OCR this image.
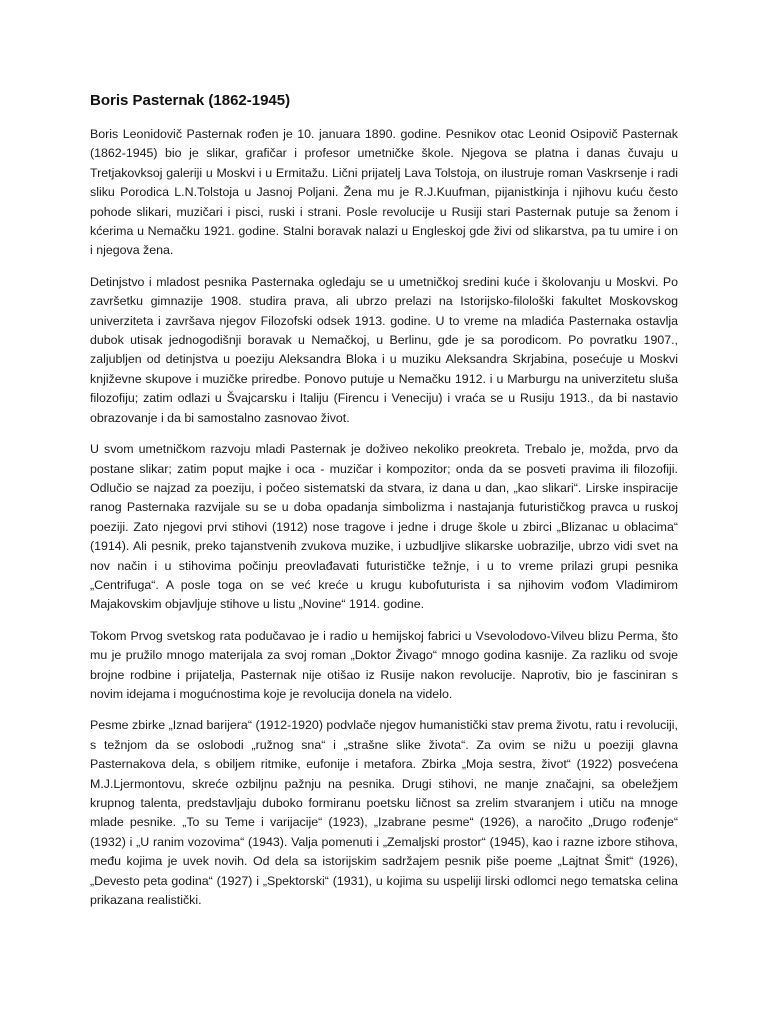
Boris Pasternak (1862-1945)

Boris Leonidovič Pasternak rođen je 10. januara 1890. godine. Pesnikov otac Leonid Osipovič Pasternak (1862-1945) bio je slikar, grafičar i profesor umetničke škole. Njegova se platna i danas čuvaju u Tretjakovksoj galeriji u Moskvi i u Ermitažu. Lični prijatelj Lava Tolstoja, on ilustruje roman Vaskrsenje i radi sliku Porodica L.N.Tolstoja u Jasnoj Poljani. Žena mu je R.J.Kuufman, pijanistkinja i njihovu kuću često pohode slikari, muzičari i pisci, ruski i strani. Posle revolucije u Rusiji stari Pasternak putuje sa ženom i kćerima u Nemačku 1921. godine. Stalni boravak nalazi u Engleskoj gde živi od slikarstva, pa tu umire i on i njegova žena.

Detinjstvo i mladost pesnika Pasternaka ogledaju se u umetničkoj sredini kuće i školovanju u Moskvi. Po završetku gimnazije 1908. studira prava, ali ubrzo prelazi na Istorijsko-filološki fakultet Moskovskog univerziteta i završava njegov Filozofski odsek 1913. godine. U to vreme na mladića Pasternaka ostavlja dubok utisak jednogodišnji boravak u Nemačkoj, u Berlinu, gde je sa porodicom. Po povratku 1907., zaljubljen od detinjstva u poeziju Aleksandra Bloka i u muziku Aleksandra Skrjabina, posećuje u Moskvi književne skupove i muzičke priredbe. Ponovo putuje u Nemačku 1912. i u Marburgu na univerzitetu sluša filozofiju; zatim odlazi u Švajcarsku i Italiju (Firencu i Veneciju) i vraća se u Rusiju 1913., da bi nastavio obrazovanje i da bi samostalno zasnovao život.

U svom umetničkom razvoju mladi Pasternak je doživeo nekoliko preokreta. Trebalo je, možda, prvo da postane slikar; zatim poput majke i oca - muzičar i kompozitor; onda da se posveti pravima ili filozofiji. Odlučio se najzad za poeziju, i počeo sistematski da stvara, iz dana u dan, „kao slikari“. Lirske inspiracije ranog Pasternaka razvijale su se u doba opadanja simbolizma i nastajanja futurističkog pravca u ruskoj poeziji. Zato njegovi prvi stihovi (1912) nose tragove i jedne i druge škole u zbirci „Blizanac u oblacima“ (1914). Ali pesnik, preko tajanstvenih zvukova muzike, i uzbudljive slikarske uobrazilje, ubrzo vidi svet na nov način i u stihovima počinju preovlađavati futurističke težnje, i u to vreme prilazi grupi pesnika „Centrifuga“. A posle toga on se već kreće u krugu kubofuturista i sa njihovim vođom Vladimirom Majakovskim objavljuje stihove u listu „Novine“ 1914. godine.

Tokom Prvog svetskog rata podučavao je i radio u hemijskoj fabrici u Vsevolodovo-Vilveu blizu Perma, što mu je pružilo mnogo materijala za svoj roman „Doktor Živago“ mnogo godina kasnije. Za razliku od svoje brojne rodbine i prijatelja, Pasternak nije otišao iz Rusije nakon revolucije. Naprotiv, bio je fasciniran s novim idejama i mogućnostima koje je revolucija donela na videlo.

Pesme zbirke „Iznad barijera“ (1912-1920) podvlače njegov humanistički stav prema životu, ratu i revoluciji, s težnjom da se oslobodi „ružnog sna“ i „strašne slike života“. Za ovim se nižu u poeziji glavna Pasternakova dela, s obiljem ritmike, eufonije i metafora. Zbirka „Moja sestra, život“ (1922) posvećena M.J.Ljermontovu, skreće ozbiljnu pažnju na pesnika. Drugi stihovi, ne manje značajni, sa obeležjem krupnog talenta, predstavljaju duboko formiranu poetsku ličnost sa zrelim stvaranjem i utiču na mnoge mlade pesnike. „To su Teme i varijacije“ (1923), „Izabrane pesme“ (1926), a naročito „Drugo rođenje“ (1932) i „U ranim vozovima“ (1943). Valja pomenuti i „Zemaljski prostor“ (1945), kao i razne izbore stihova, među kojima je uvek novih. Od dela sa istorijskim sadržajem pesnik piše poeme „Lajtnat Šmit“ (1926), „Devesto peta godina“ (1927) i „Spektorski“ (1931), u kojima su uspeliji lirski odlomci nego tematska celina prikazana realistički.
